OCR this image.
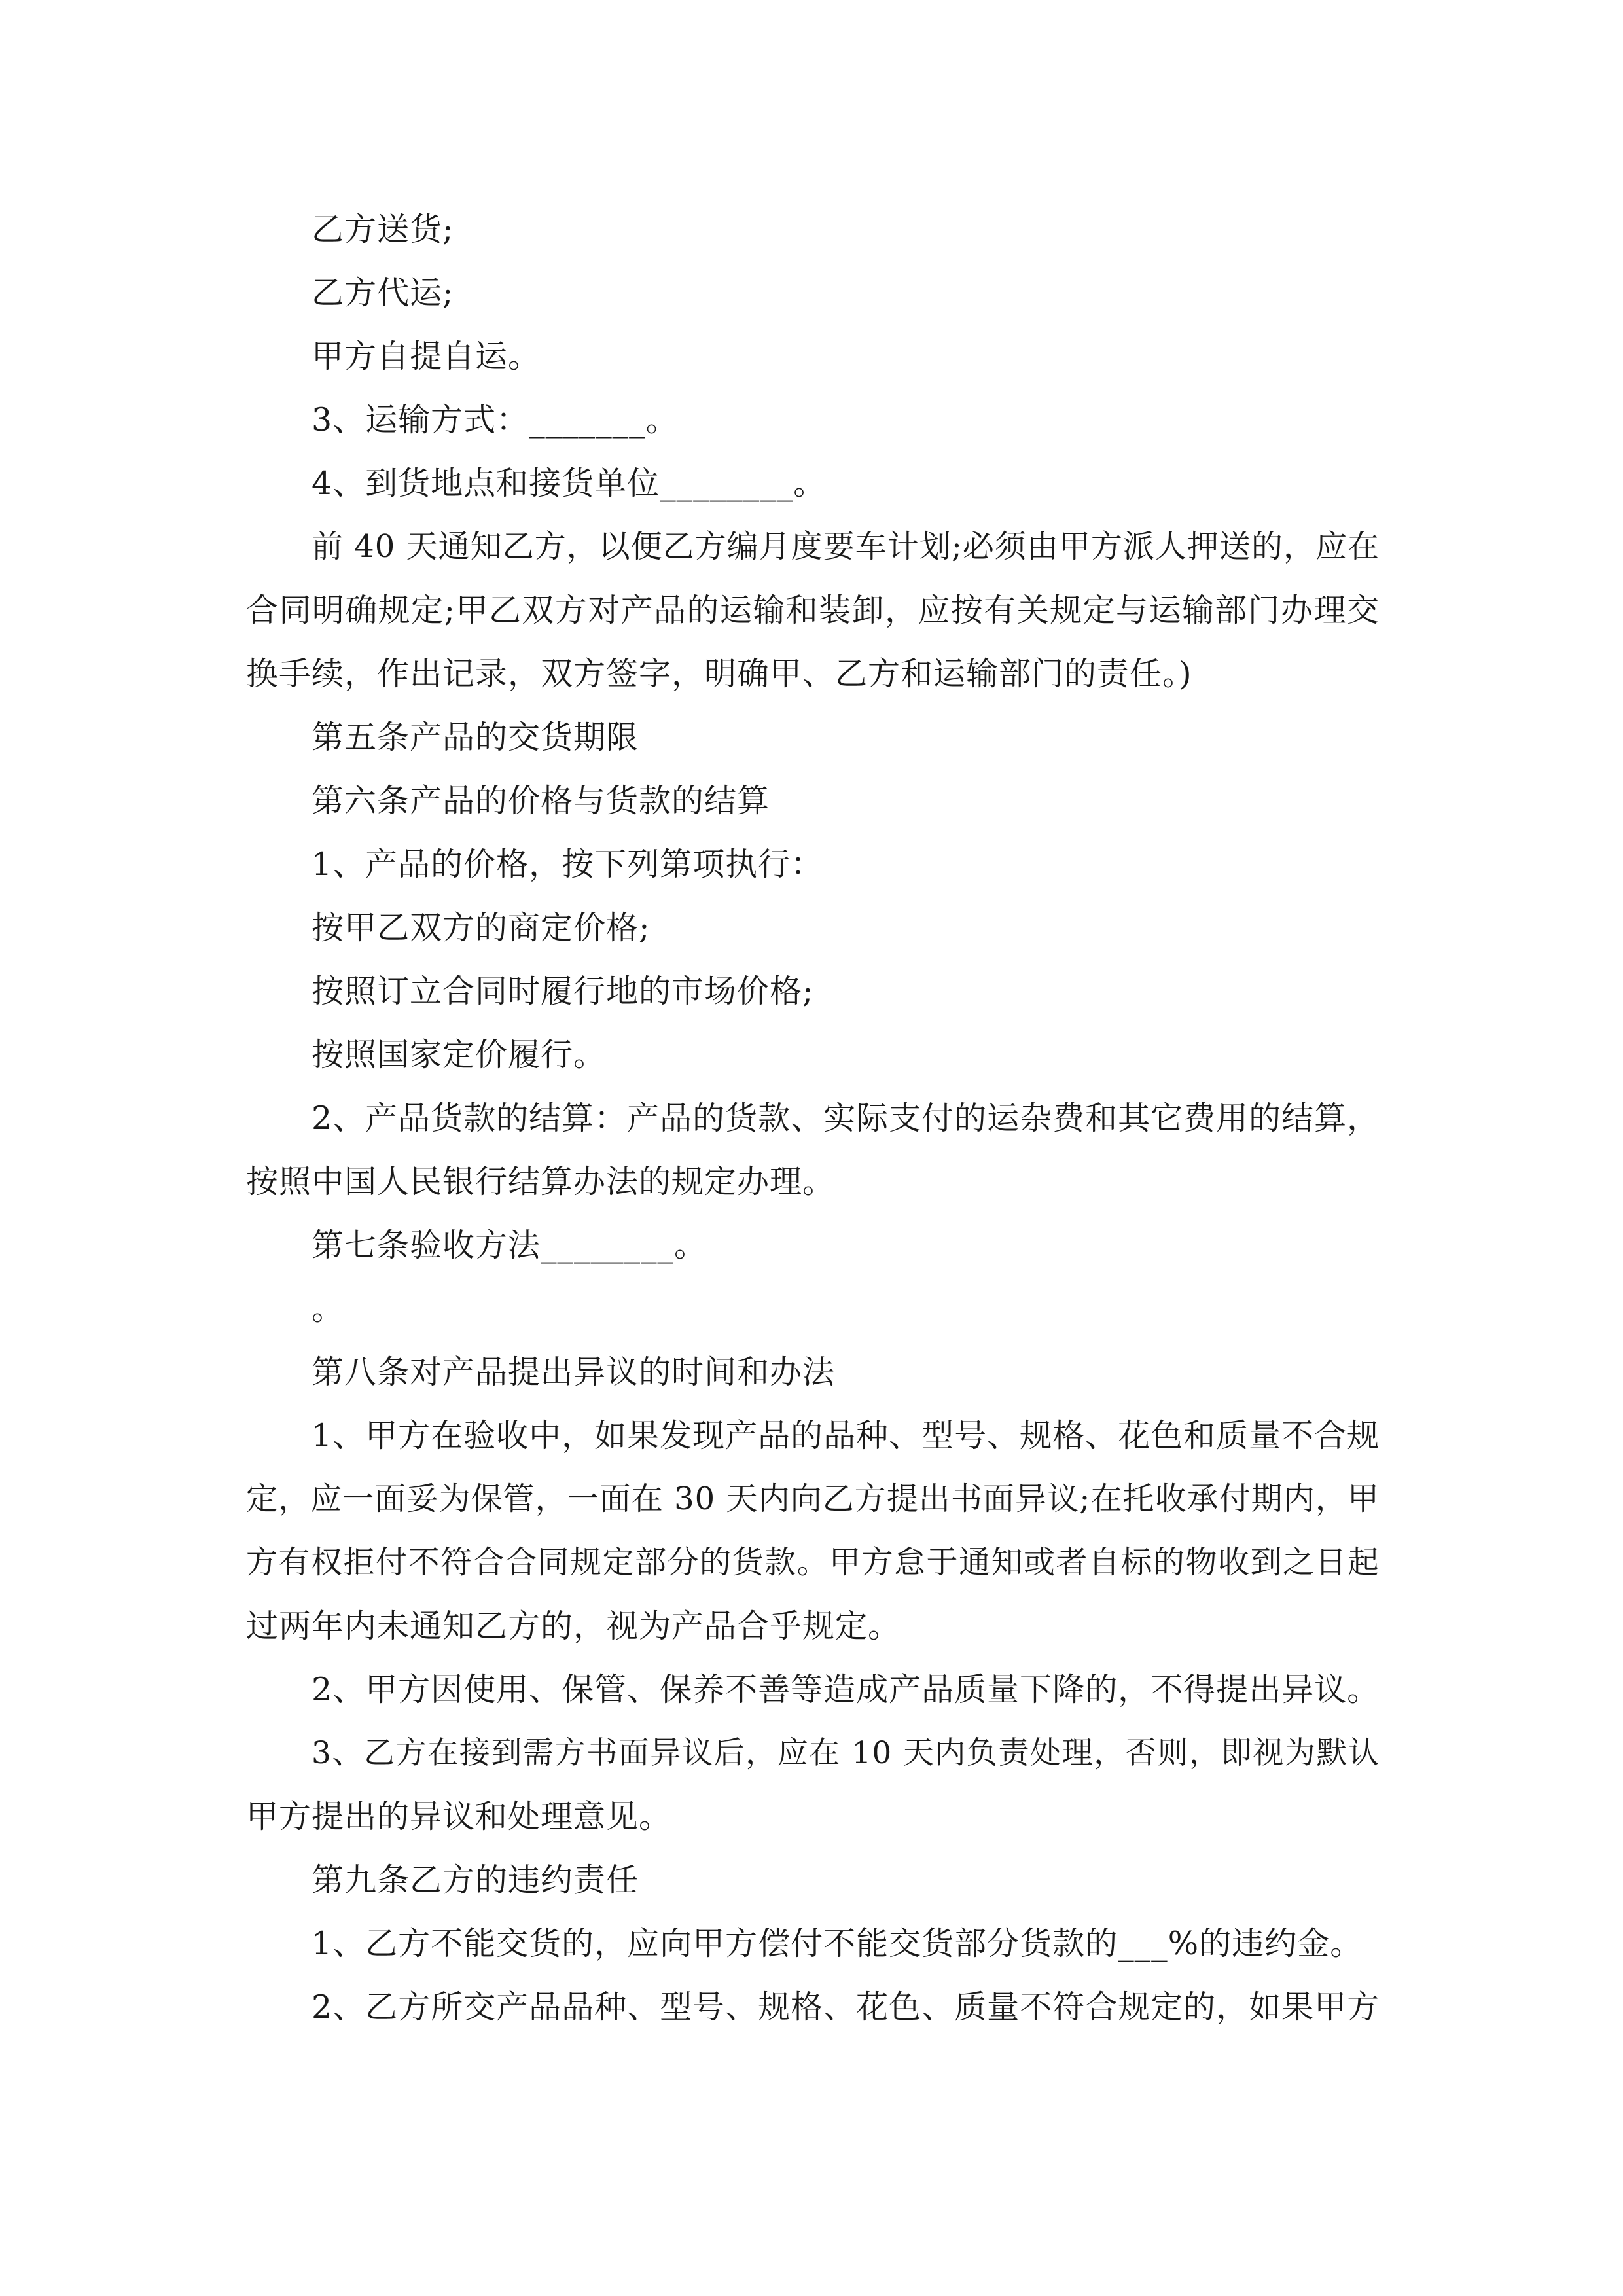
乙方送货;

乙方代运;

甲方自提自运。

3、运输方式：_______。

4、到货地点和接货单位________。

前 40 天通知乙方，以便乙方编月度要车计划;必须由甲方派人押送的，应在

合同明确规定;甲乙双方对产品的运输和装卸，应按有关规定与运输部门办理交

换手续，作出记录，双方签字，明确甲、乙方和运输部门的责任。)

第五条产品的交货期限

第六条产品的价格与货款的结算

1、产品的价格，按下列第项执行：

按甲乙双方的商定价格;

按照订立合同时履行地的市场价格;

按照国家定价履行。

2、产品货款的结算：产品的货款、实际支付的运杂费和其它费用的结算，

按照中国人民银行结算办法的规定办理。

第七条验收方法________。

。

第八条对产品提出异议的时间和办法

1、甲方在验收中，如果发现产品的品种、型号、规格、花色和质量不合规

定，应一面妥为保管，一面在 30 天内向乙方提出书面异议;在托收承付期内，甲

方有权拒付不符合合同规定部分的货款。甲方怠于通知或者自标的物收到之日起

过两年内未通知乙方的，视为产品合乎规定。

2、甲方因使用、保管、保养不善等造成产品质量下降的，不得提出异议。

3、乙方在接到需方书面异议后，应在 10 天内负责处理，否则，即视为默认

甲方提出的异议和处理意见。

第九条乙方的违约责任

1、乙方不能交货的，应向甲方偿付不能交货部分货款的___%的违约金。

2、乙方所交产品品种、型号、规格、花色、质量不符合规定的，如果甲方
